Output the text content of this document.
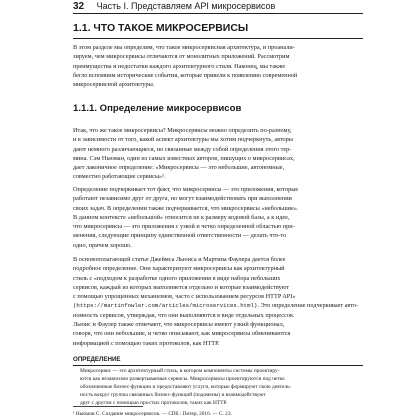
32 Часть I. Представляем API микросервисов
1.1. ЧТО ТАКОЕ МИКРОСЕРВИСЫ
В этом разделе мы определим, что такое микросервисная архитектура, и проанали-
зируем, чем микросервисы отличаются от монолитных приложений. Рассмотрим
преимущества и недостатки каждого архитектурного стиля. Наконец, мы также
бегло вспомним исторические события, которые привели к появлению современной
микросервисной архитектуры.
1.1.1. Определение микросервисов
Итак, что же такое микросервисы? Микросервисы можно определить по-разному,
и в зависимости от того, какой аспект архитектуры мы хотим подчеркнуть, авторы
дают немного различающиеся, но связанные между собой определения этого тер-
мина. Сэм Ньюман, один из самых известных авторов, пишущих о микросервисах,
дает лаконичное определение: «Микросервисы — это небольшие, автономные,
совместно работающие сервисы»¹.
Определение подчеркивает тот факт, что микросервисы — это приложения, которые
работают независимо друг от друга, но могут взаимодействовать при выполнении
своих задач. В определении также подчеркивается, что микросервисы «небольшие».
В данном контексте «небольшой» относится не к размеру кодовой базы, а к идее,
что микросервисы — это приложения с узкой и четко определенной областью при-
менения, следующие принципу единственной ответственности — делать что-то
одно, причем хорошо.
В основополагающей статье Джеймса Льюиса и Мартина Фаулера дается более
подробное определение. Они характеризуют микросервисы как архитектурный
стиль с «подходом к разработке одного приложения в виде набора небольших
сервисов, каждый из которых выполняется отдельно и которые взаимодействуют
с помощью упрощенных механизмов, часто с использованием ресурсов HTTP API»
(https://martinfowler.com/articles/microservices.html). Это определение подчеркивает авто-
номность сервисов, утверждая, что они выполняются в виде отдельных процессов.
Льюис и Фаулер также отмечают, что микросервисы имеют узкий функционал,
говоря, что они небольшие, и четко описывают, как микросервисы обмениваются
информацией с помощью таких протоколов, как HTTP.
ОПРЕДЕЛЕНИЕ
Микросервис — это архитектурный стиль, в котором компоненты системы проектиру-
ются как независимо развертываемые сервисы. Микросервисы проектируются под четко
обозначенные бизнес-функции и предоставляют услуги, которые формируют свою деятель-
ность вокруг группы связанных бизнес-функций (подомены) и взаимодействуют
друг с другом с помощью простых протоколов, таких как HTTP.
¹ Ньюман С. Создание микросервисов. — СПб.: Питер, 2016. — С. 23.
